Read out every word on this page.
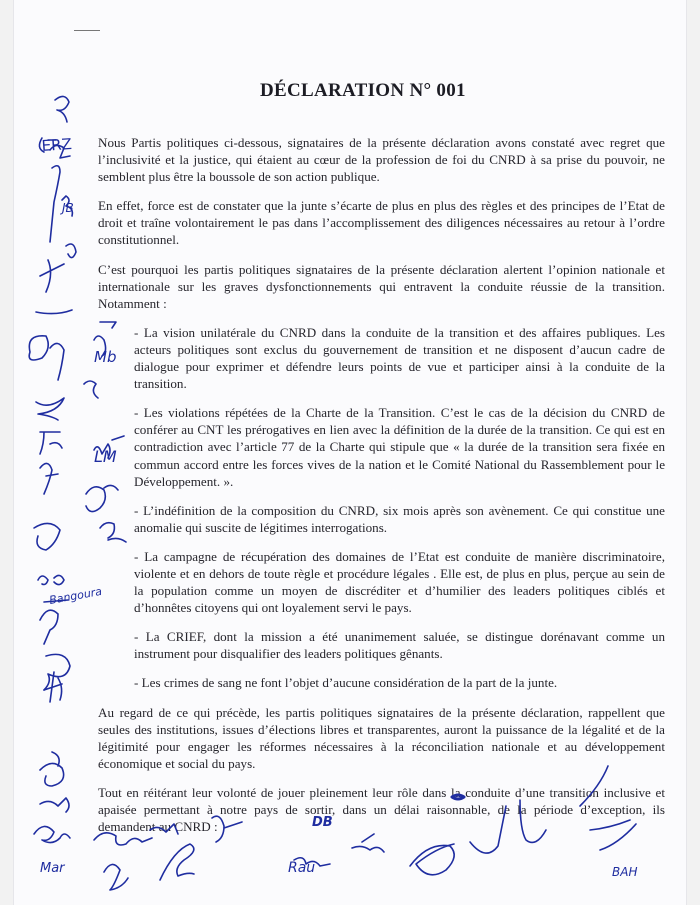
DÉCLARATION N° 001

Nous Partis politiques ci-dessous, signataires de la présente déclaration avons constaté avec regret que l’inclusivité et la justice, qui étaient au cœur de la profession de foi du CNRD à sa prise du pouvoir, ne semblent plus être la boussole de son action publique.

En effet, force est de constater que la junte s’écarte de plus en plus des règles et des principes de l’Etat de droit et traîne volontairement le pas dans l’accomplissement des diligences nécessaires au retour à l’ordre constitutionnel.

C’est pourquoi les partis politiques signataires de la présente déclaration alertent l’opinion nationale et internationale sur les graves dysfonctionnements qui entravent la conduite réussie de la transition. Notamment :

- La vision unilatérale du CNRD dans la conduite de la transition et des affaires publiques. Les acteurs politiques sont exclus du gouvernement de transition et ne disposent d’aucun cadre de dialogue pour exprimer et défendre leurs points de vue et participer ainsi à la conduite de la transition.

- Les violations répétées de la Charte de la Transition. C’est le cas de la décision du CNRD de conférer au CNT les prérogatives en lien avec la définition de la durée de la transition. Ce qui est en contradiction avec l’article 77 de la Charte qui stipule que « la durée de la transition sera fixée en commun accord entre les forces vives de la nation et le Comité National du Rassemblement pour le Développement. ».

- L’indéfinition de la composition du CNRD, six mois après son avènement. Ce qui constitue une anomalie qui suscite de légitimes interrogations.

- La campagne de récupération des domaines de l’Etat est conduite de manière discriminatoire, violente et en dehors de toute règle et procédure légales . Elle est, de plus en plus, perçue au sein de la population comme un moyen de discréditer et d’humilier des leaders politiques ciblés et d’honnêtes citoyens qui ont loyalement servi le pays.

- La CRIEF, dont la mission a été unanimement saluée, se distingue dorénavant comme un instrument pour disqualifier des leaders politiques gênants.

- Les crimes de sang ne font l’objet d’aucune considération de la part de la junte.

Au regard de ce qui précède, les partis politiques signataires de la présente déclaration, rappellent que seules des institutions, issues d’élections libres et transparentes, auront la puissance de la légalité et de la légitimité pour engager les réformes nécessaires à la réconciliation nationale et au développement économique et social du pays.

Tout en réitérant leur volonté de jouer pleinement leur rôle dans la conduite d’une transition inclusive et apaisée permettant à notre pays de sortir, dans un délai raisonnable, de la période d’exception, ils demandent au CNRD :

ERZ
JB
Mb
LM
Bangoura
DB
Rau
Mar	BAH
